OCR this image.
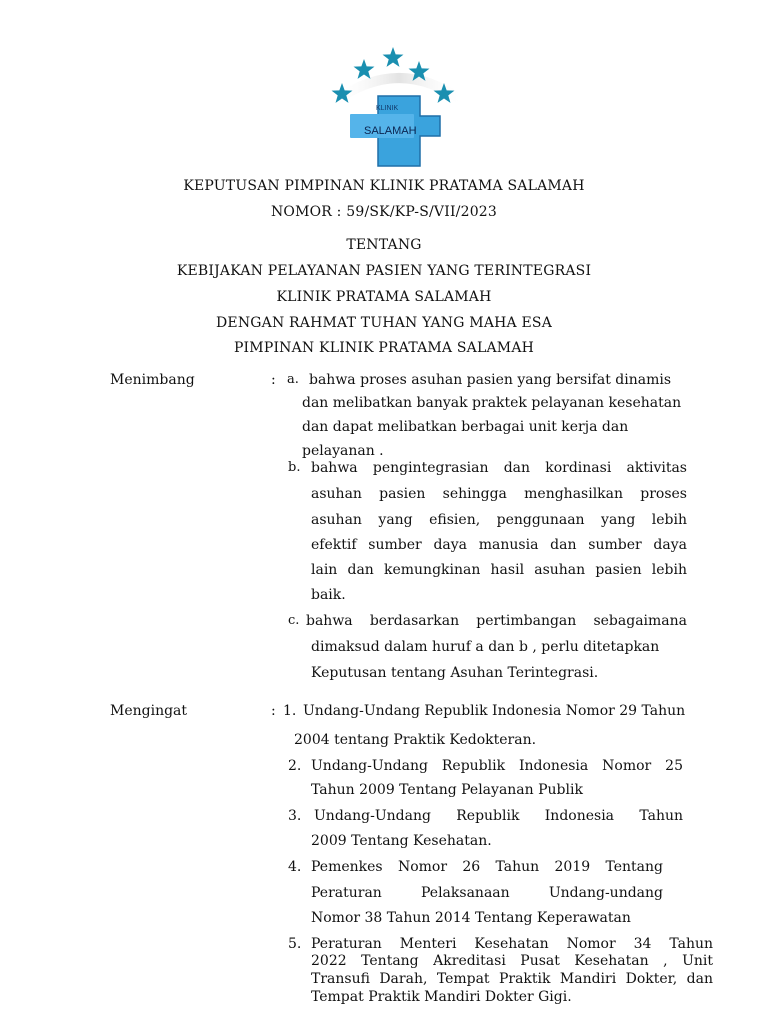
KLINIK
SALAMAH
KEPUTUSAN PIMPINAN KLINIK PRATAMA SALAMAH
NOMOR : 59/SK/KP-S/VII/2023
TENTANG
KEBIJAKAN PELAYANAN PASIEN YANG TERINTEGRASI
KLINIK PRATAMA SALAMAH
DENGAN RAHMAT TUHAN YANG MAHA ESA
PIMPINAN KLINIK PRATAMA SALAMAH
Menimbang	: a. bahwa proses asuhan pasien yang bersifat dinamis
dan melibatkan banyak praktek pelayanan kesehatan
dan dapat melibatkan berbagai unit kerja dan
pelayanan .
b. bahwa pengintegrasian dan kordinasi aktivitas
asuhan pasien sehingga menghasilkan proses
asuhan yang efisien, penggunaan yang lebih
efektif sumber daya manusia dan sumber daya
lain dan kemungkinan hasil asuhan pasien lebih
baik.
c. bahwa berdasarkan pertimbangan sebagaimana
dimaksud dalam huruf a dan b , perlu ditetapkan
Keputusan tentang Asuhan Terintegrasi.
Mengingat	: 1. Undang-Undang Republik Indonesia Nomor 29 Tahun
2004 tentang Praktik Kedokteran.
2. Undang-Undang Republik Indonesia Nomor 25
Tahun 2009 Tentang Pelayanan Publik
3. Undang-Undang Republik Indonesia Tahun
2009 Tentang Kesehatan.
4. Pemenkes Nomor 26 Tahun 2019 Tentang
Peraturan Pelaksanaan Undang-undang
Nomor 38 Tahun 2014 Tentang Keperawatan
5. Peraturan Menteri Kesehatan Nomor 34 Tahun
2022 Tentang Akreditasi Pusat Kesehatan , Unit
Transufi Darah, Tempat Praktik Mandiri Dokter, dan
Tempat Praktik Mandiri Dokter Gigi.
